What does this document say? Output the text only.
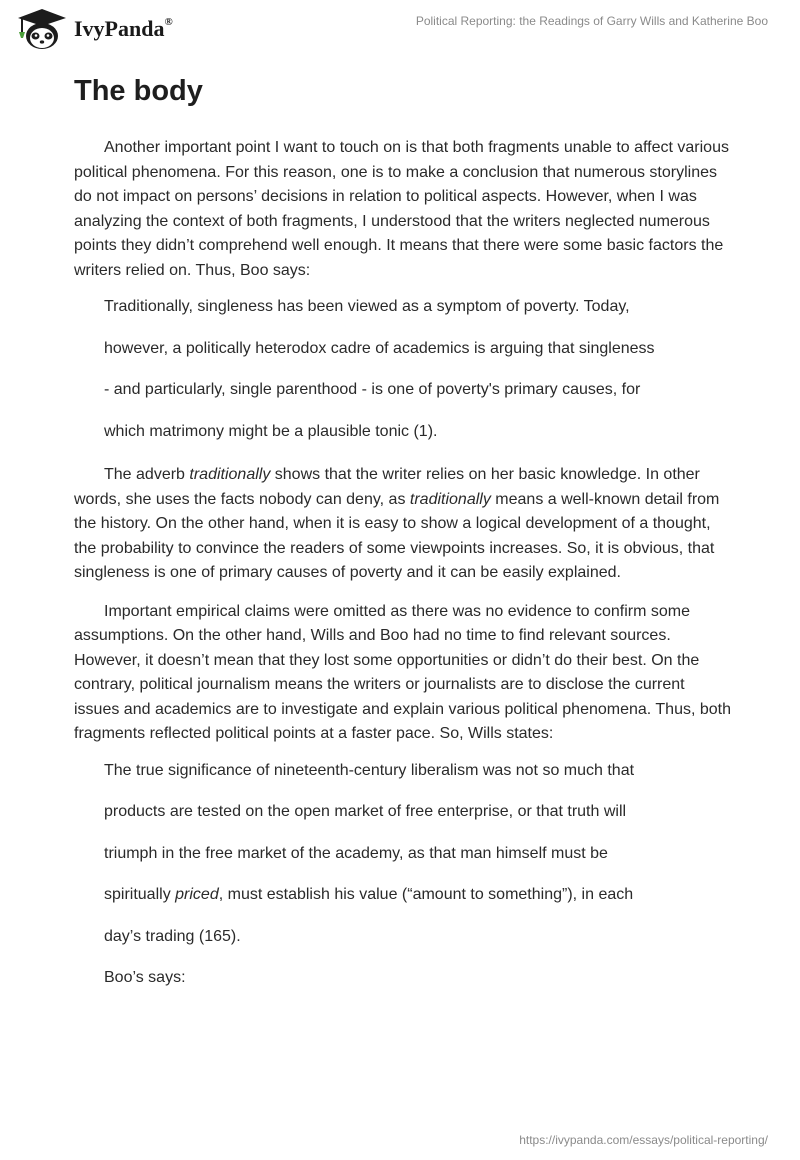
IvyPanda®	Political Reporting: the Readings of Garry Wills and Katherine Boo
The body

Another important point I want to touch on is that both fragments unable to affect various political phenomena. For this reason, one is to make a conclusion that numerous storylines do not impact on persons’ decisions in relation to political aspects. However, when I was analyzing the context of both fragments, I understood that the writers neglected numerous points they didn’t comprehend well enough. It means that there were some basic factors the writers relied on. Thus, Boo says:

Traditionally, singleness has been viewed as a symptom of poverty. Today,
however, a politically heterodox cadre of academics is arguing that singleness
- and particularly, single parenthood - is one of poverty's primary causes, for
which matrimony might be a plausible tonic (1).

The adverb traditionally shows that the writer relies on her basic knowledge. In other words, she uses the facts nobody can deny, as traditionally means a well-known detail from the history. On the other hand, when it is easy to show a logical development of a thought, the probability to convince the readers of some viewpoints increases. So, it is obvious, that singleness is one of primary causes of poverty and it can be easily explained.

Important empirical claims were omitted as there was no evidence to confirm some assumptions. On the other hand, Wills and Boo had no time to find relevant sources. However, it doesn’t mean that they lost some opportunities or didn’t do their best. On the contrary, political journalism means the writers or journalists are to disclose the current issues and academics are to investigate and explain various political phenomena. Thus, both fragments reflected political points at a faster pace. So, Wills states:

The true significance of nineteenth-century liberalism was not so much that
products are tested on the open market of free enterprise, or that truth will
triumph in the free market of the academy, as that man himself must be
spiritually priced, must establish his value (“amount to something”), in each
day’s trading (165).
Boo’s says:
https://ivypanda.com/essays/political-reporting/
